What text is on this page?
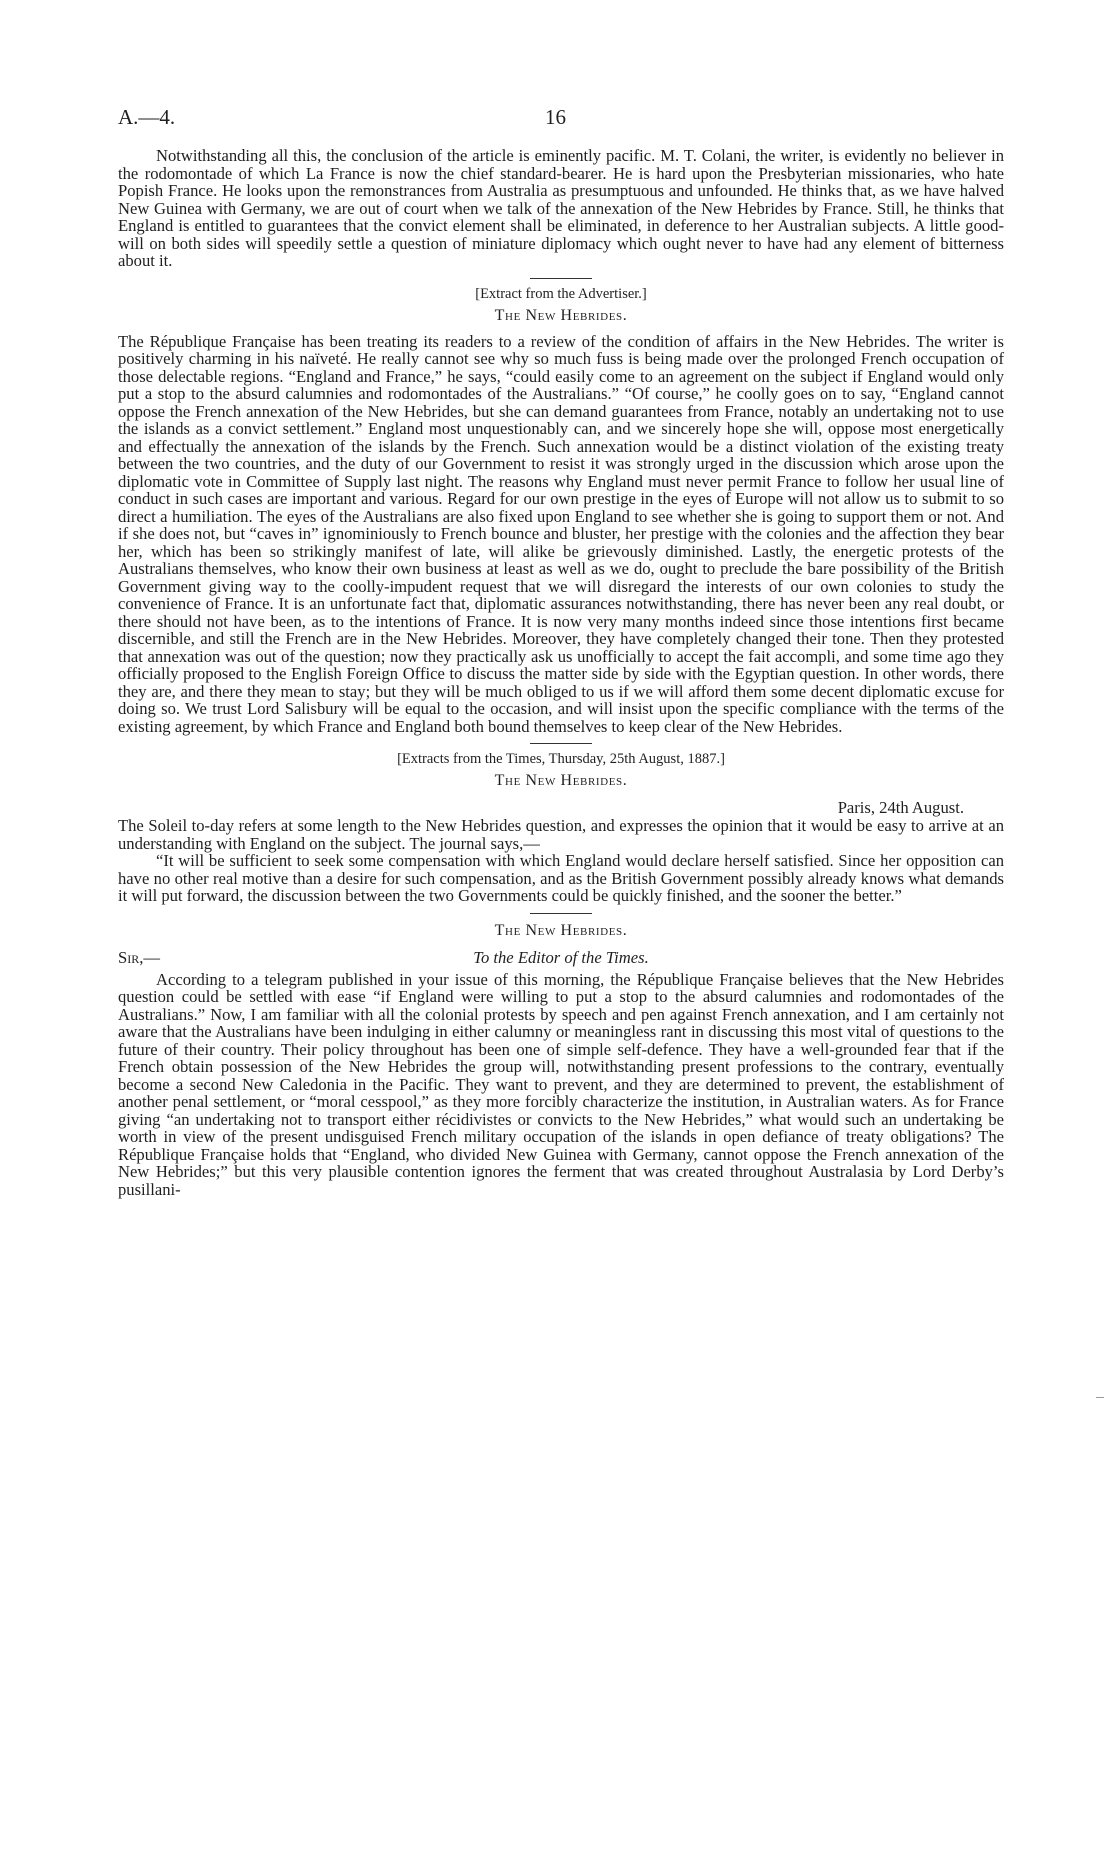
A.—4.	16

Notwithstanding all this, the conclusion of the article is eminently pacific. M. T. Colani, the writer, is evidently no believer in the rodomontade of which La France is now the chief standard-bearer. He is hard upon the Presbyterian missionaries, who hate Popish France. He looks upon the remonstrances from Australia as presumptuous and unfounded. He thinks that, as we have halved New Guinea with Germany, we are out of court when we talk of the annexation of the New Hebrides by France. Still, he thinks that England is entitled to guarantees that the convict element shall be eliminated, in deference to her Australian subjects. A little good-will on both sides will speedily settle a question of miniature diplomacy which ought never to have had any element of bitterness about it.

[Extract from the Advertiser.]
The New Hebrides.

The République Française has been treating its readers to a review of the condition of affairs in the New Hebrides. The writer is positively charming in his naïveté. He really cannot see why so much fuss is being made over the prolonged French occupation of those delectable regions. “England and France,” he says, “could easily come to an agreement on the subject if England would only put a stop to the absurd calumnies and rodomontades of the Australians.” “Of course,” he coolly goes on to say, “England cannot oppose the French annexation of the New Hebrides, but she can demand guarantees from France, notably an undertaking not to use the islands as a convict settlement.” England most unquestionably can, and we sincerely hope she will, oppose most energetically and effectually the annexation of the islands by the French. Such annexation would be a distinct violation of the existing treaty between the two countries, and the duty of our Government to resist it was strongly urged in the discussion which arose upon the diplomatic vote in Committee of Supply last night. The reasons why England must never permit France to follow her usual line of conduct in such cases are important and various. Regard for our own prestige in the eyes of Europe will not allow us to submit to so direct a humiliation. The eyes of the Australians are also fixed upon England to see whether she is going to support them or not. And if she does not, but “caves in” ignominiously to French bounce and bluster, her prestige with the colonies and the affection they bear her, which has been so strikingly manifest of late, will alike be grievously diminished. Lastly, the energetic protests of the Australians themselves, who know their own business at least as well as we do, ought to preclude the bare possibility of the British Government giving way to the coolly-impudent request that we will disregard the interests of our own colonies to study the convenience of France. It is an unfortunate fact that, diplomatic assurances notwithstanding, there has never been any real doubt, or there should not have been, as to the intentions of France. It is now very many months indeed since those intentions first became discernible, and still the French are in the New Hebrides. Moreover, they have completely changed their tone. Then they protested that annexation was out of the question; now they practically ask us unofficially to accept the fait accompli, and some time ago they officially proposed to the English Foreign Office to discuss the matter side by side with the Egyptian question. In other words, there they are, and there they mean to stay; but they will be much obliged to us if we will afford them some decent diplomatic excuse for doing so. We trust Lord Salisbury will be equal to the occasion, and will insist upon the specific compliance with the terms of the existing agreement, by which France and England both bound themselves to keep clear of the New Hebrides.

[Extracts from the Times, Thursday, 25th August, 1887.]
The New Hebrides.
Paris, 24th August.

The Soleil to-day refers at some length to the New Hebrides question, and expresses the opinion that it would be easy to arrive at an understanding with England on the subject. The journal says,—

“It will be sufficient to seek some compensation with which England would declare herself satisfied. Since her opposition can have no other real motive than a desire for such compensation, and as the British Government possibly already knows what demands it will put forward, the discussion between the two Governments could be quickly finished, and the sooner the better.”

The New Hebrides.
Sir,—	To the Editor of the Times.

According to a telegram published in your issue of this morning, the République Française believes that the New Hebrides question could be settled with ease “if England were willing to put a stop to the absurd calumnies and rodomontades of the Australians.” Now, I am familiar with all the colonial protests by speech and pen against French annexation, and I am certainly not aware that the Australians have been indulging in either calumny or meaningless rant in discussing this most vital of questions to the future of their country. Their policy throughout has been one of simple self-defence. They have a well-grounded fear that if the French obtain possession of the New Hebrides the group will, notwithstanding present professions to the contrary, eventually become a second New Caledonia in the Pacific. They want to prevent, and they are determined to prevent, the establishment of another penal settlement, or “moral cesspool,” as they more forcibly characterize the institution, in Australian waters. As for France giving “an undertaking not to transport either récidivistes or convicts to the New Hebrides,” what would such an undertaking be worth in view of the present undisguised French military occupation of the islands in open defiance of treaty obligations? The République Française holds that “England, who divided New Guinea with Germany, cannot oppose the French annexation of the New Hebrides;” but this very plausible contention ignores the ferment that was created throughout Australasia by Lord Derby’s pusillani-
